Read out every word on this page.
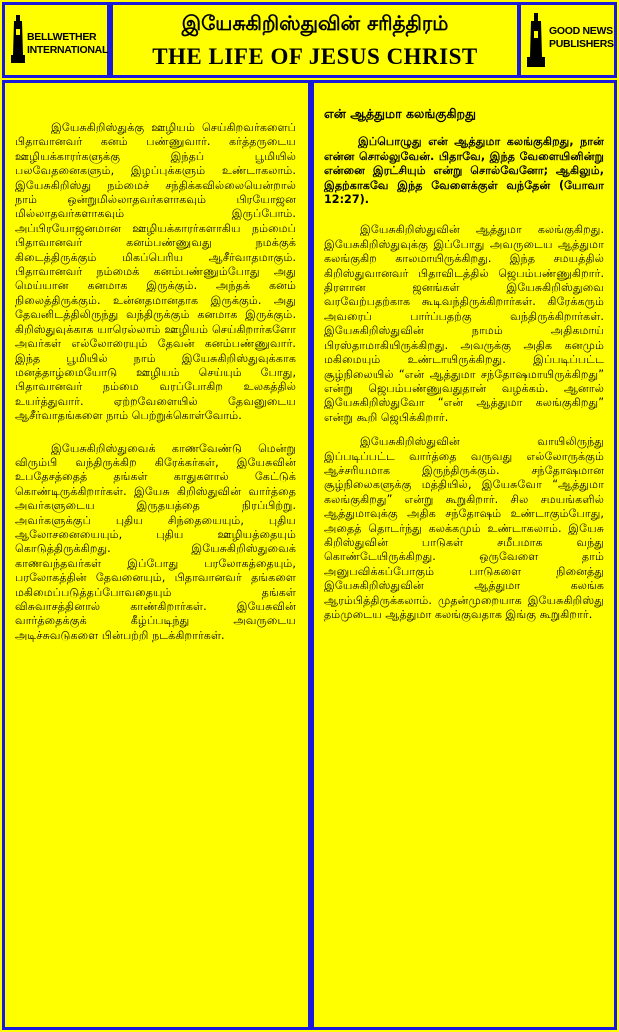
BELLWETHER
INTERNATIONAL
இயேசுகிறிஸ்துவின் சரித்திரம்
THE LIFE OF JESUS CHRIST
GOOD NEWS
PUBLISHERS

இயேசுகிறிஸ்துக்கு ஊழியம் செய்கிறவர்களைப் பிதாவானவர் கனம் பண்ணுவார். கர்த்தருடைய ஊழியக்காரர்களுக்கு இந்தப் பூமியில் பலவேதனைகளும், இழப்புக்களும் உண்டாகலாம். இயேசுகிறிஸ்து நம்மைச் சந்திக்கவில்லையென்றால் நாம் ஒன்றுமில்லாதவர்களாகவும் பிரயோஜன மில்லாதவர்களாகவும் இருப்போம். அப்பிரயோஜனமான ஊழியக்காரர்களாகிய நம்மைப் பிதாவானவர் கனம்பண்ணுவது நமக்குக் கிடைத்திருக்கும் மிகப்பெரிய ஆசீர்வாதமாகும். பிதாவானவர் நம்மைக் கனம்பண்ணும்போது அது மெய்யான கனமாக இருக்கும். அந்தக் கனம் நிலைத்திருக்கும். உன்னதமானதாக இருக்கும். அது தேவனிடத்திலிருந்து வந்திருக்கும் கனமாக இருக்கும். கிறிஸ்துவுக்காக யாரெல்லாம் ஊழியம் செய்கிறார்களோ அவர்கள் எல்லோரையும் தேவன் கனம்பண்ணுவார். இந்த பூமியில் நாம் இயேசுகிறிஸ்துவுக்காக மனத்தாழ்மையோடு ஊழியம் செய்யும் போது, பிதாவானவர் நம்மை வரப்போகிற உலகத்தில் உயர்த்துவார். ஏற்றவேளையில் தேவனுடைய ஆசீர்வாதங்களை நாம் பெற்றுக்கொள்வோம்.

இயேசுகிறிஸ்துவைக் காணவேண்டு மென்று விரும்பி வந்திருக்கிற கிரேக்கர்கள், இயேசுவின் உபதேசத்தைத் தங்கள் காதுகளால் கேட்டுக் கொண்டிருக்கிறார்கள். இயேசு கிறிஸ்துவின் வார்த்தை அவர்களுடைய இருதயத்தை நிரப்பிற்று. அவர்களுக்குப் புதிய சிந்தையையும், புதிய ஆலோசனையையும், புதிய ஊழியத்தையும் கொடுத்திருக்கிறது. இயேசுகிறிஸ்துவைக் காணவந்தவர்கள் இப்போது பரலோகத்தையும், பரலோகத்தின் தேவனையும், பிதாவானவர் தங்களை மகிமைப்படுத்தப்போவதையும் தங்கள் விசுவாசத்தினால் காண்கிறார்கள். இயேசுவின் வார்த்தைக்குக் கீழ்ப்படிந்து அவருடைய அடிச்சுவடுகளை பின்பற்றி நடக்கிறார்கள்.

என் ஆத்துமா கலங்குகிறது

இப்பொழுது என் ஆத்துமா கலங்குகிறது, நான் என்ன சொல்லுவேன். பிதாவே, இந்த வேளையினின்று என்னை இரட்சியும் என்று சொல்வேனோ; ஆகிலும், இதற்காகவே இந்த வேளைக்குள் வந்தேன் (யோவா 12:27).

இயேசுகிறிஸ்துவின் ஆத்துமா கலங்குகிறது. இயேசுகிறிஸ்துவுக்கு இப்போது அவருடைய ஆத்துமா கலங்குகிற காலமாயிருக்கிறது. இந்த சமயத்தில் கிறிஸ்துவானவர் பிதாவிடத்தில் ஜெபம்பண்ணுகிறார். திரளான ஜனங்கள் இயேசுகிறிஸ்துவை வரவேற்பதற்காக கூடிவந்திருக்கிறார்கள். கிரேக்கரும் அவரைப் பார்ப்பதற்கு வந்திருக்கிறார்கள். இயேசுகிறிஸ்துவின் நாமம் அதிகமாய் பிரஸ்தாமாகியிருக்கிறது. அவருக்கு அதிக கனமும் மகிமையும் உண்டாயிருக்கிறது. இப்படிப்பட்ட சூழ்நிலையில் “என் ஆத்துமா சந்தோஷமாயிருக்கிறது” என்று ஜெபம்பண்ணுவதுதான் வழக்கம். ஆனால் இயேசுகிறிஸ்துவோ “என் ஆத்துமா கலங்குகிறது” என்று கூறி ஜெபிக்கிறார்.

இயேசுகிறிஸ்துவின் வாயிலிருந்து இப்படிப்பட்ட வார்த்தை வருவது எல்லோருக்கும் ஆச்சரியமாக இருந்திருக்கும். சந்தோஷமான சூழ்நிலைகளுக்கு மத்தியில், இயேசுவோ “ஆத்துமா கலங்குகிறது” என்று கூறுகிறார். சில சமயங்களில் ஆத்துமாவுக்கு அதிக சந்தோஷம் உண்டாகும்போது, அதைத் தொடர்ந்து கலக்கமும் உண்டாகலாம். இயேசு கிறிஸ்துவின் பாடுகள் சமீபமாக வந்து கொண்டேயிருக்கிறது. ஒருவேளை தாம் அனுபவிக்கப்போகும் பாடுகளை நினைத்து இயேசுகிறிஸ்துவின் ஆத்துமா கலங்க ஆரம்பித்திருக்கலாம். முதன்முறையாக இயேசுகிறிஸ்து தம்முடைய ஆத்துமா கலங்குவதாக இங்கு கூறுகிறார்.
